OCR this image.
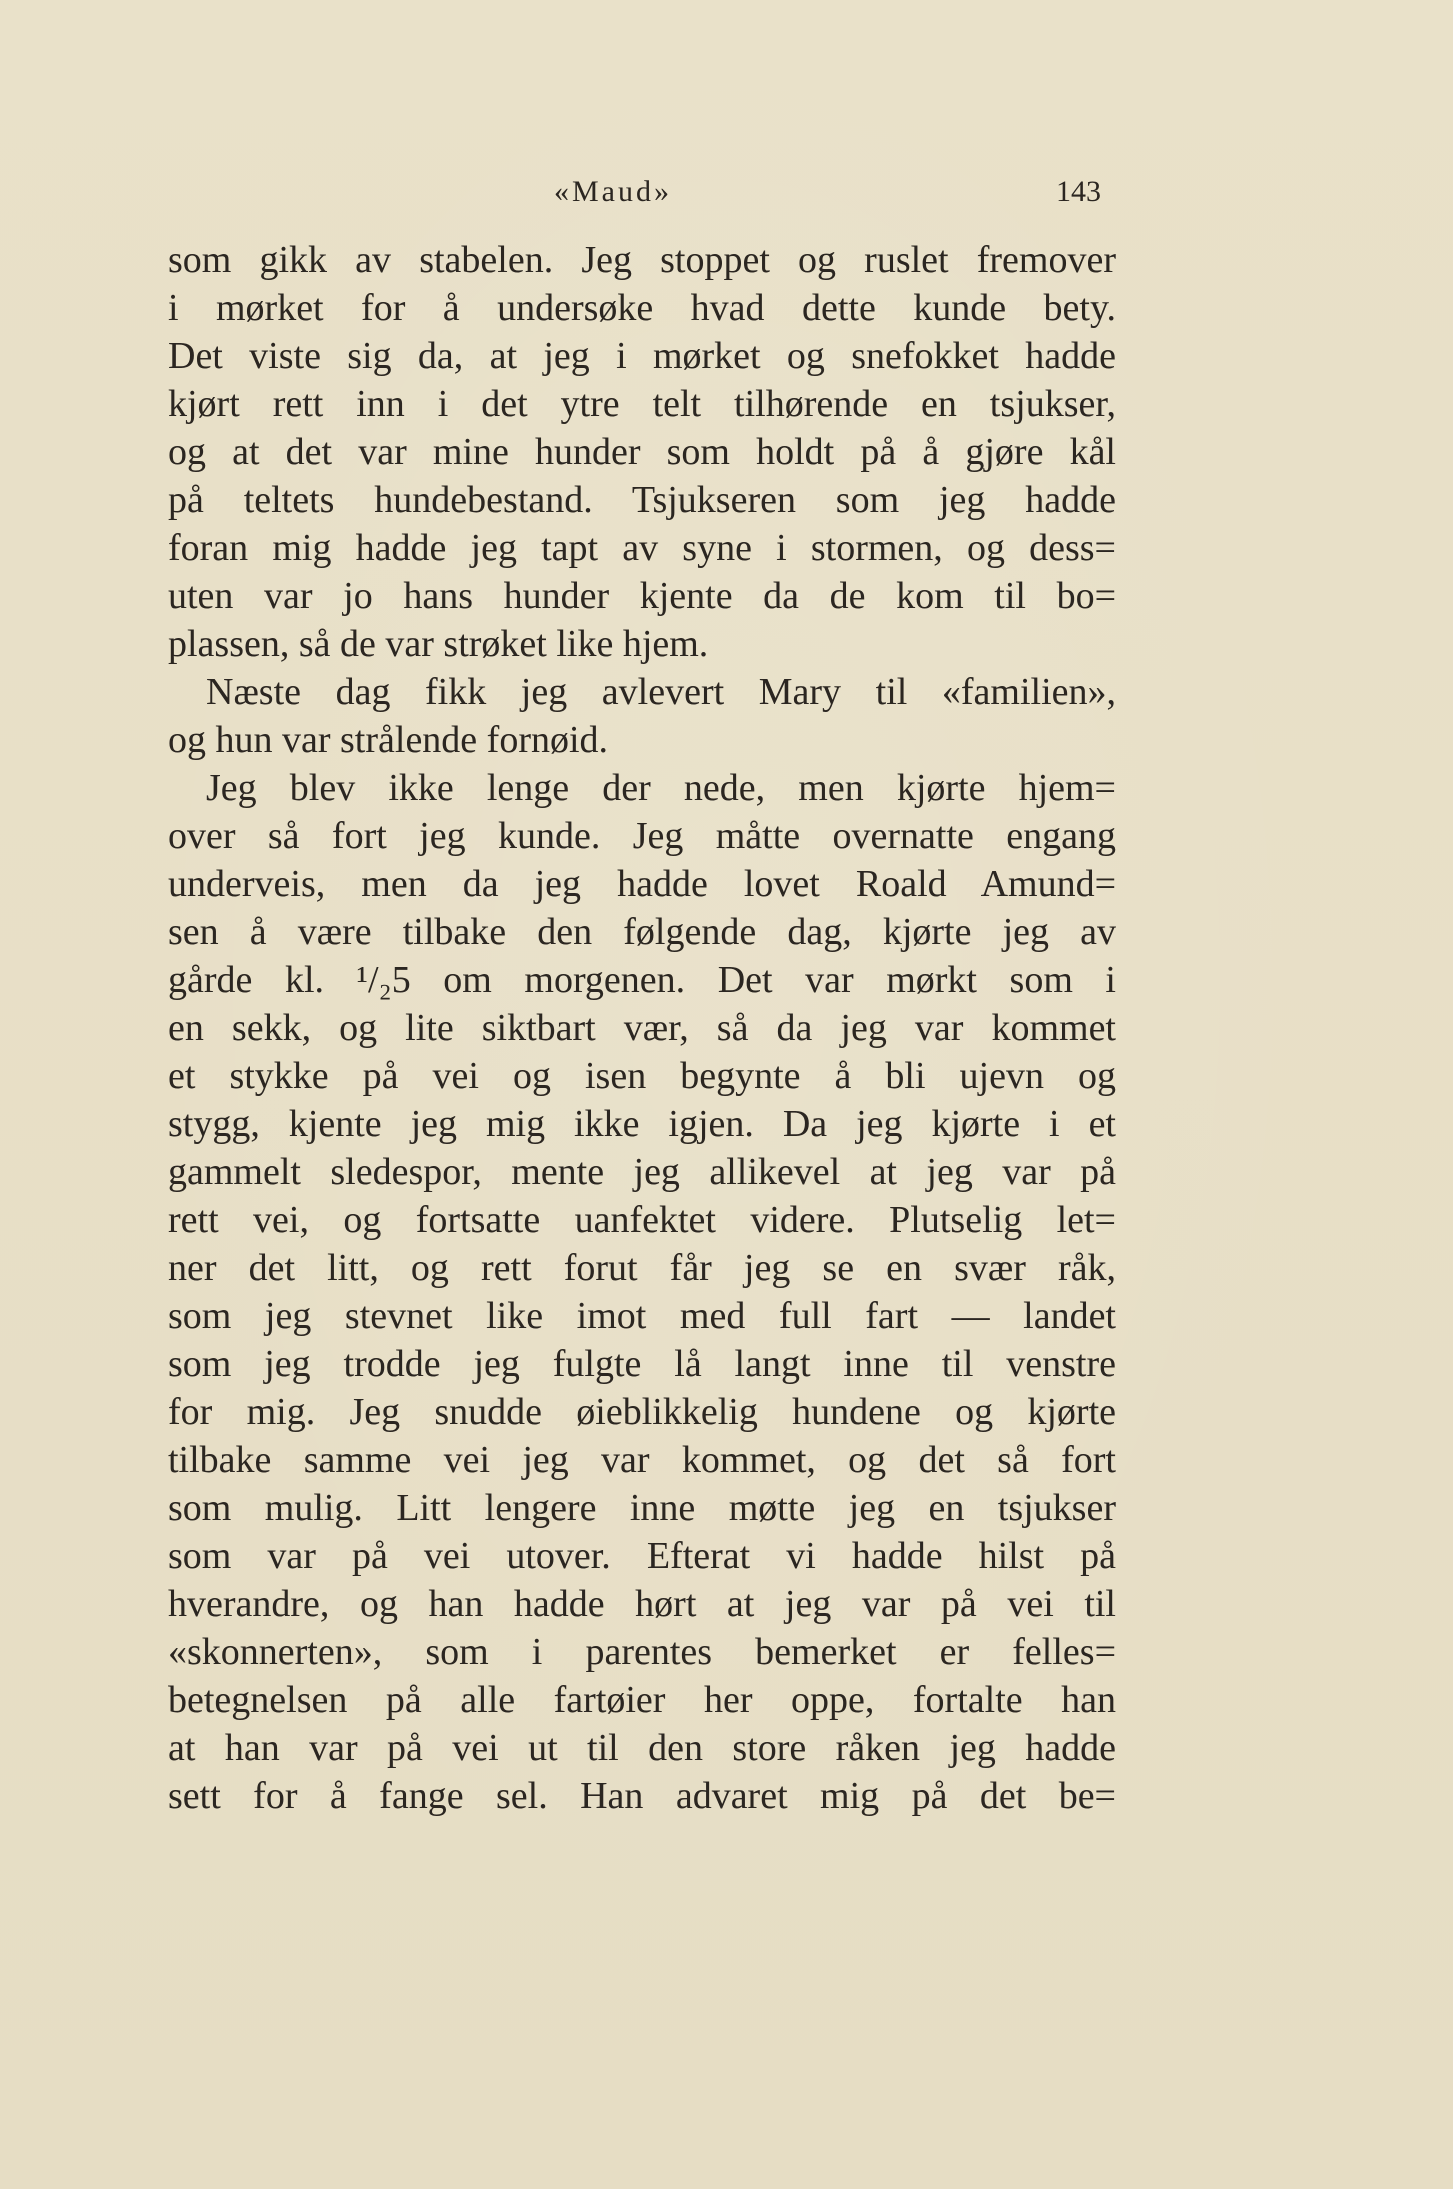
«Maud»	143
som gikk av stabelen. Jeg stoppet og ruslet fremover
i mørket for å undersøke hvad dette kunde bety.
Det viste sig da, at jeg i mørket og snefokket hadde
kjørt rett inn i det ytre telt tilhørende en tsjukser,
og at det var mine hunder som holdt på å gjøre kål
på teltets hundebestand. Tsjukseren som jeg hadde
foran mig hadde jeg tapt av syne i stormen, og dess=
uten var jo hans hunder kjente da de kom til bo=
plassen, så de var strøket like hjem.
Næste dag fikk jeg avlevert Mary til «familien»,
og hun var strålende fornøid.
Jeg blev ikke lenge der nede, men kjørte hjem=
over så fort jeg kunde. Jeg måtte overnatte engang
underveis, men da jeg hadde lovet Roald Amund=
sen å være tilbake den følgende dag, kjørte jeg av
gårde kl. ¹/₂5 om morgenen. Det var mørkt som i
en sekk, og lite siktbart vær, så da jeg var kommet
et stykke på vei og isen begynte å bli ujevn og
stygg, kjente jeg mig ikke igjen. Da jeg kjørte i et
gammelt sledespor, mente jeg allikevel at jeg var på
rett vei, og fortsatte uanfektet videre. Plutselig let=
ner det litt, og rett forut får jeg se en svær råk,
som jeg stevnet like imot med full fart — landet
som jeg trodde jeg fulgte lå langt inne til venstre
for mig. Jeg snudde øieblikkelig hundene og kjørte
tilbake samme vei jeg var kommet, og det så fort
som mulig. Litt lengere inne møtte jeg en tsjukser
som var på vei utover. Efterat vi hadde hilst på
hverandre, og han hadde hørt at jeg var på vei til
«skonnerten», som i parentes bemerket er felles=
betegnelsen på alle fartøier her oppe, fortalte han
at han var på vei ut til den store råken jeg hadde
sett for å fange sel. Han advaret mig på det be=
